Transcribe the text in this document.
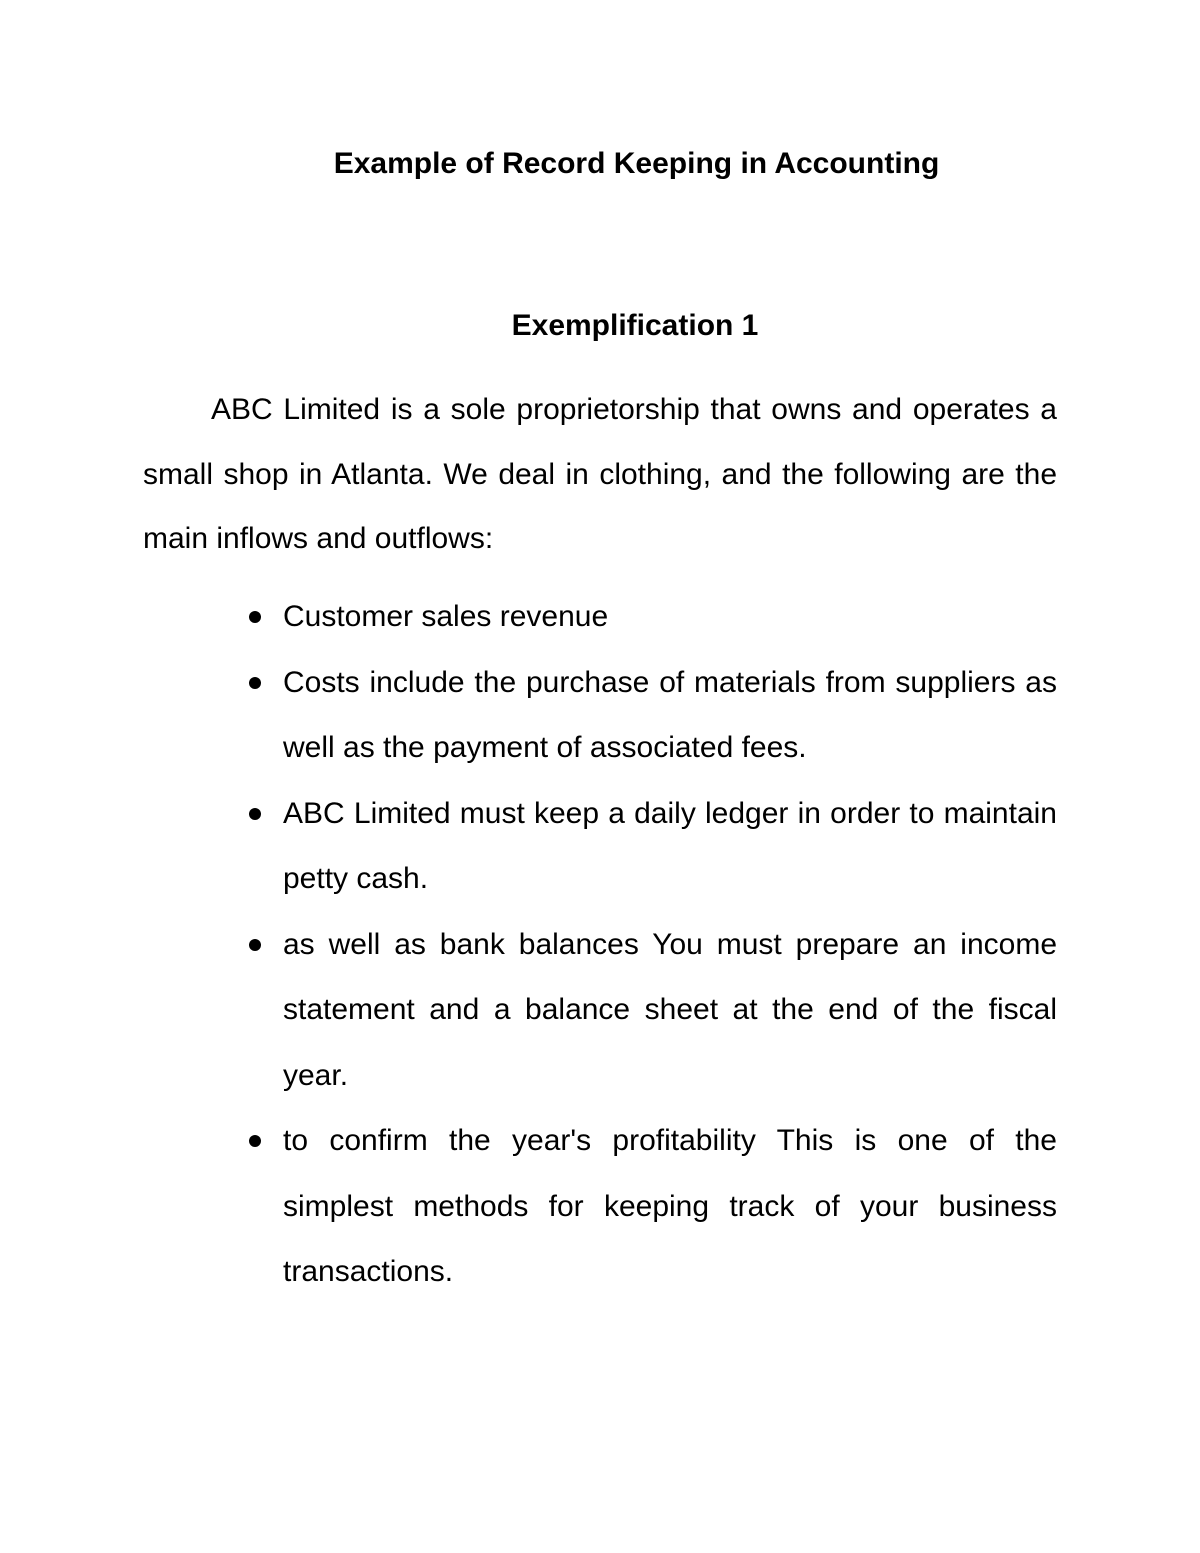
Example of Record Keeping in Accounting
Exemplification 1

ABC Limited is a sole proprietorship that owns and operates a small shop in Atlanta. We deal in clothing, and the following are the main inflows and outflows:

Customer sales revenue
Costs include the purchase of materials from suppliers as well as the payment of associated fees.
ABC Limited must keep a daily ledger in order to maintain petty cash.
as well as bank balances You must prepare an income statement and a balance sheet at the end of the fiscal year.
to confirm the year's profitability This is one of the simplest methods for keeping track of your business transactions.
